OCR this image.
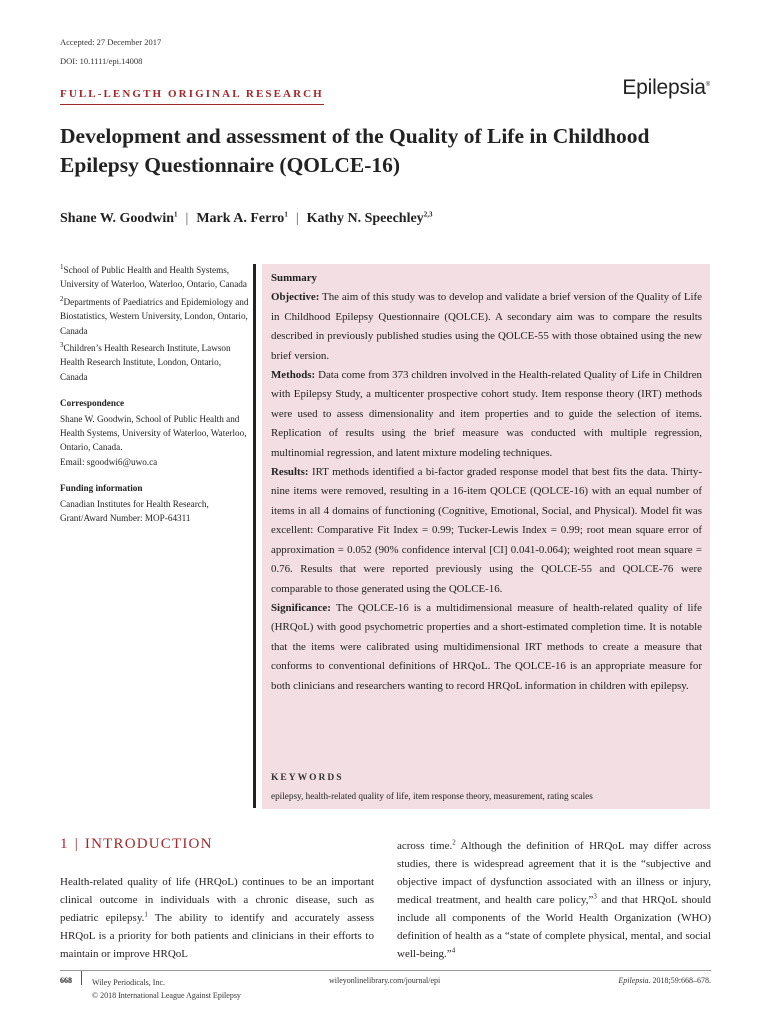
Accepted: 27 December 2017
DOI: 10.1111/epi.14008
Epilepsia®
FULL-LENGTH ORIGINAL RESEARCH
Development and assessment of the Quality of Life in Childhood Epilepsy Questionnaire (QOLCE-16)
Shane W. Goodwin$^1$ | Mark A. Ferro$^1$ | Kathy N. Speechley$^{2,3}$

$^1$School of Public Health and Health Systems, University of Waterloo, Waterloo, Ontario, Canada

$^2$Departments of Paediatrics and Epidemiology and Biostatistics, Western University, London, Ontario, Canada

$^3$Children’s Health Research Institute, Lawson Health Research Institute, London, Ontario, Canada

Correspondence
Shane W. Goodwin, School of Public Health and Health Systems, University of Waterloo, Waterloo, Ontario, Canada.
Email: sgoodwi6@uwo.ca
Funding information
Canadian Institutes for Health Research, Grant/Award Number: MOP-64311
Summary

Objective: The aim of this study was to develop and validate a brief version of the Quality of Life in Childhood Epilepsy Questionnaire (QOLCE). A secondary aim was to compare the results described in previously published studies using the QOLCE-55 with those obtained using the new brief version.

Methods: Data come from 373 children involved in the Health-related Quality of Life in Children with Epilepsy Study, a multicenter prospective cohort study. Item response theory (IRT) methods were used to assess dimensionality and item properties and to guide the selection of items. Replication of results using the brief measure was conducted with multiple regression, multinomial regression, and latent mixture modeling techniques.

Results: IRT methods identified a bi-factor graded response model that best fits the data. Thirty-nine items were removed, resulting in a 16-item QOLCE (QOLCE-16) with an equal number of items in all 4 domains of functioning (Cognitive, Emotional, Social, and Physical). Model fit was excellent: Comparative Fit Index = 0.99; Tucker-Lewis Index = 0.99; root mean square error of approximation = 0.052 (90% confidence interval [CI] 0.041-0.064); weighted root mean square = 0.76. Results that were reported previously using the QOLCE-55 and QOLCE-76 were comparable to those generated using the QOLCE-16.

Significance: The QOLCE-16 is a multidimensional measure of health-related quality of life (HRQoL) with good psychometric properties and a short-estimated completion time. It is notable that the items were calibrated using multidimensional IRT methods to create a measure that conforms to conventional definitions of HRQoL. The QOLCE-16 is an appropriate measure for both clinicians and researchers wanting to record HRQoL information in children with epilepsy.

KEYWORDS
epilepsy, health-related quality of life, item response theory, measurement, rating scales
1 | INTRODUCTION
Health-related quality of life (HRQoL) continues to be an important clinical outcome in individuals with a chronic disease, such as pediatric epilepsy.$^1$ The ability to identify and accurately assess HRQoL is a priority for both patients and clinicians in their efforts to maintain or improve HRQoL
across time.$^2$ Although the definition of HRQoL may differ across studies, there is widespread agreement that it is the “subjective and objective impact of dysfunction associated with an illness or injury, medical treatment, and health care policy,”$^3$ and that HRQoL should include all components of the World Health Organization (WHO) definition of health as a “state of complete physical, mental, and social well-being.”$^4$
668	Wiley Periodicals, Inc.
© 2018 International League Against Epilepsy
wileyonlinelibrary.com/journal/epi	Epilepsia. 2018;59:668–678.
